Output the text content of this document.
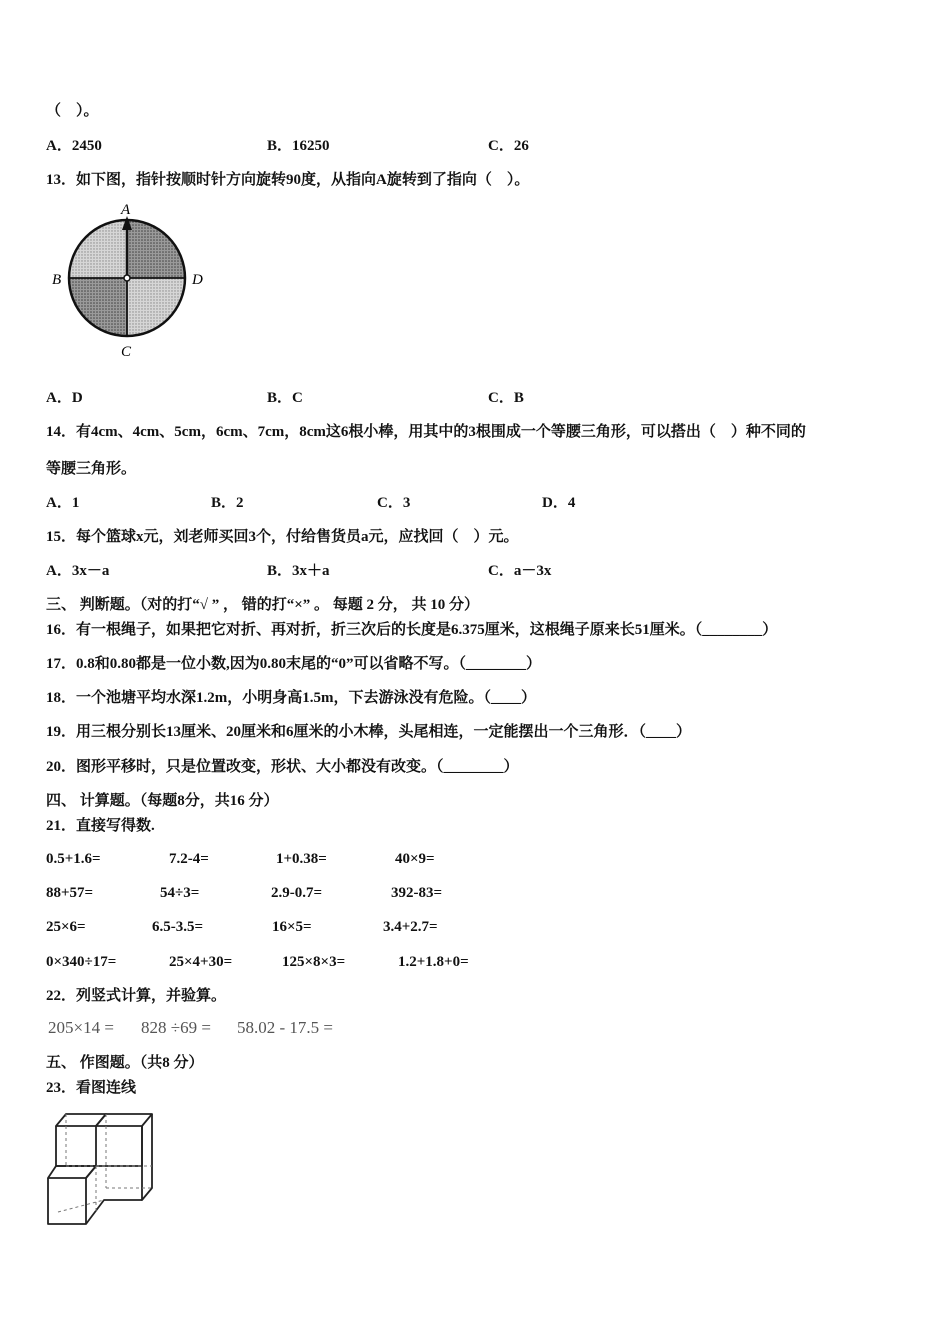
（　）。
A．2450	B．16250	C．26
13．如下图，指针按顺时针方向旋转90度，从指向A旋转到了指向（　）。
A
B	D
C
A．D	B．C	C．B
14．有4cm、4cm、5cm，6cm、7cm，8cm这6根小棒，用其中的3根围成一个等腰三角形，可以搭出（　）种不同的
等腰三角形。
A．1	B．2	C．3	D．4
15．每个篮球x元，刘老师买回3个，付给售货员a元，应找回（　）元。
A．3x－a	B．3x＋a	C．a－3x
三、 判断题。（对的打“√ ” ， 错的打“×” 。 每题 2 分， 共 10 分）
16．有一根绳子，如果把它对折、再对折，折三次后的长度是6.375厘米，这根绳子原来长51厘米。（________）
17．0.8和0.80都是一位小数,因为0.80末尾的“0”可以省略不写。（________）
18．一个池塘平均水深1.2m，小明身高1.5m，下去游泳没有危险。（____）
19．用三根分别长13厘米、20厘米和6厘米的小木棒，头尾相连，一定能摆出一个三角形．（____）
20．图形平移时，只是位置改变，形状、大小都没有改变。（________）
四、 计算题。（每题8分，共16 分）
21．直接写得数.
0.5+1.6=	7.2-4=	1+0.38=	40×9=
88+57=	54÷3=	2.9-0.7=	392-83=
25×6=	6.5-3.5=	16×5=	3.4+2.7=
0×340÷17=	25×4+30=	125×8×3=	1.2+1.8+0=
22．列竖式计算，并验算。
205×14 = 828 ÷69 = 58.02 - 17.5 =
五、 作图题。（共8 分）
23．看图连线
